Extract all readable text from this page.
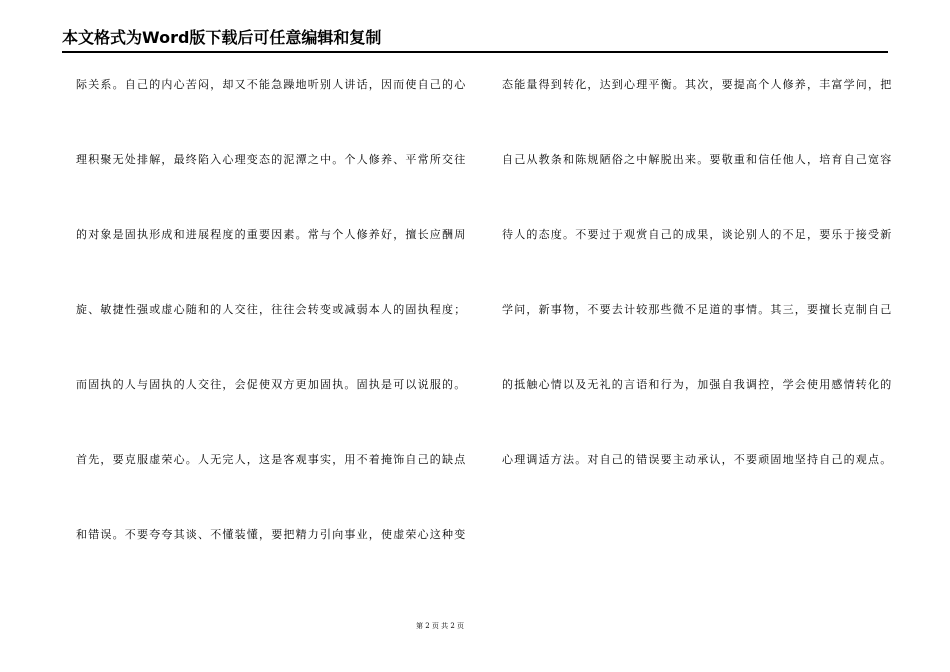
本文格式为Word版下载后可任意编辑和复制
际关系。自己的内心苦闷，却又不能急躁地听别人讲话，因而使自己的心
理积聚无处排解，最终陷入心理变态的泥潭之中。个人修养、平常所交往
的对象是固执形成和进展程度的重要因素。常与个人修养好，擅长应酬周
旋、敏捷性强或虚心随和的人交往，往往会转变或减弱本人的固执程度；
而固执的人与固执的人交往，会促使双方更加固执。固执是可以说服的。
首先，要克服虚荣心。人无完人，这是客观事实，用不着掩饰自己的缺点
和错误。不要夸夸其谈、不懂装懂，要把精力引向事业，使虚荣心这种变
态能量得到转化，达到心理平衡。其次，要提高个人修养，丰富学问，把
自己从教条和陈规陋俗之中解脱出来。要敬重和信任他人，培育自己宽容
待人的态度。不要过于观赏自己的成果，谈论别人的不足，要乐于接受新
学问，新事物，不要去计较那些微不足道的事情。其三，要擅长克制自己
的抵触心情以及无礼的言语和行为，加强自我调控，学会使用感情转化的
心理调适方法。对自己的错误要主动承认，不要顽固地坚持自己的观点。
第 2 页 共 2 页
